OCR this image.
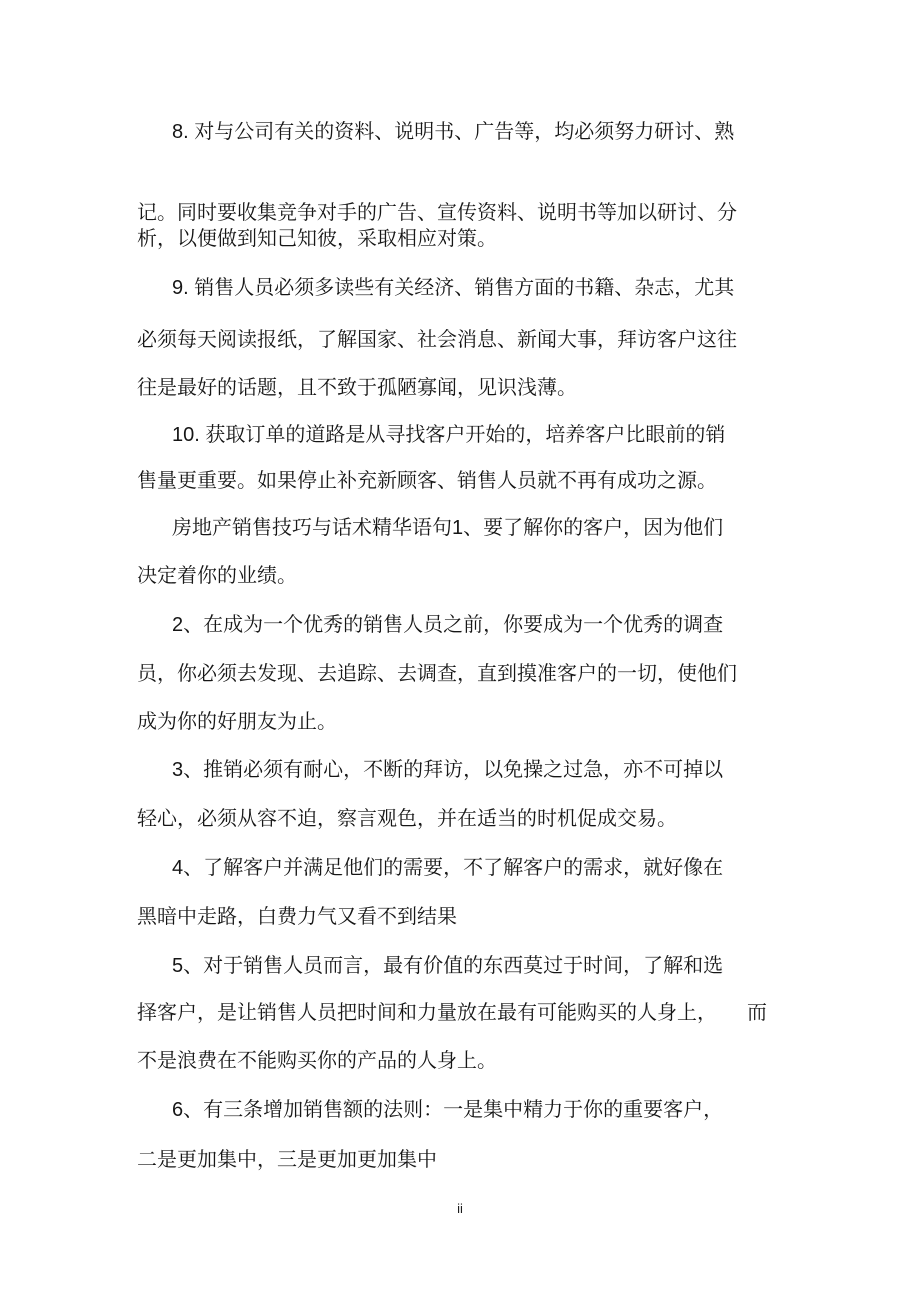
8. 对与公司有关的资料、说明书、广告等，均必须努力研讨、熟
记。同时要收集竞争对手的广告、宣传资料、说明书等加以研讨、分
析，以便做到知己知彼，采取相应对策。
9. 销售人员必须多读些有关经济、销售方面的书籍、杂志，尤其
必须每天阅读报纸，了解国家、社会消息、新闻大事，拜访客户这往
往是最好的话题，且不致于孤陋寡闻，见识浅薄。
10. 获取订单的道路是从寻找客户开始的，培养客户比眼前的销
售量更重要。如果停止补充新顾客、销售人员就不再有成功之源。
房地产销售技巧与话术精华语句1、要了解你的客户，因为他们
决定着你的业绩。
2、在成为一个优秀的销售人员之前，你要成为一个优秀的调查
员，你必须去发现、去追踪、去调查，直到摸准客户的一切，使他们
成为你的好朋友为止。
3、推销必须有耐心，不断的拜访，以免操之过急，亦不可掉以
轻心，必须从容不迫，察言观色，并在适当的时机促成交易。
4、了解客户并满足他们的需要，不了解客户的需求，就好像在
黑暗中走路，白费力气又看不到结果
5、对于销售人员而言，最有价值的东西莫过于时间，了解和选
择客户，是让销售人员把时间和力量放在最有可能购买的人身上，　　而
不是浪费在不能购买你的产品的人身上。
6、有三条增加销售额的法则：一是集中精力于你的重要客户，
二是更加集中，三是更加更加集中
ii
